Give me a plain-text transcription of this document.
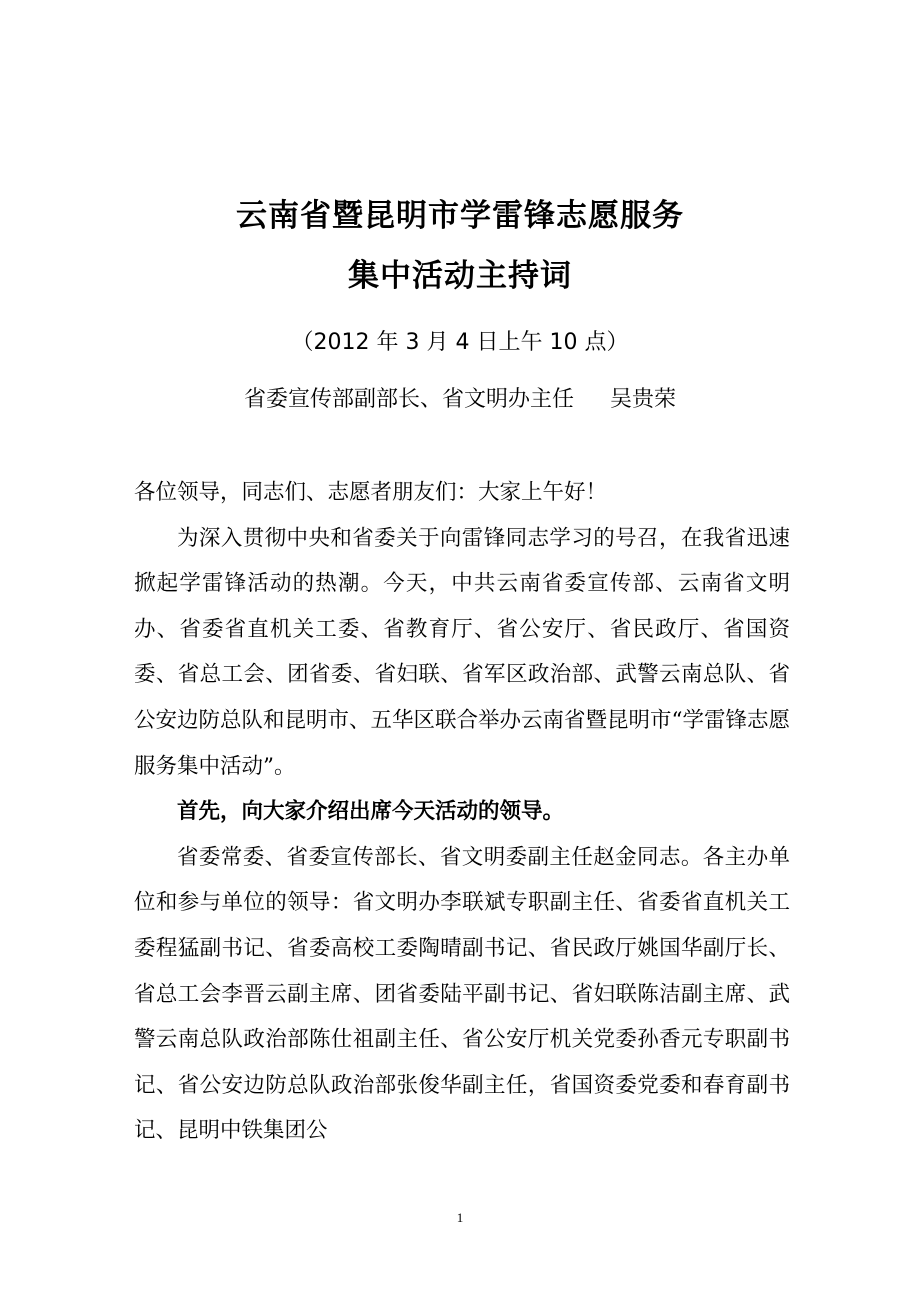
云南省暨昆明市学雷锋志愿服务
集中活动主持词
（2012 年 3 月 4 日上午 10 点）
省委宣传部副部长、省文明办主任 吴贵荣

各位领导，同志们、志愿者朋友们：大家上午好！

为深入贯彻中央和省委关于向雷锋同志学习的号召，在我省迅速掀起学雷锋活动的热潮。今天，中共云南省委宣传部、云南省文明办、省委省直机关工委、省教育厅、省公安厅、省民政厅、省国资委、省总工会、团省委、省妇联、省军区政治部、武警云南总队、省公安边防总队和昆明市、五华区联合举办云南省暨昆明市“学雷锋志愿服务集中活动”。

首先，向大家介绍出席今天活动的领导。

省委常委、省委宣传部长、省文明委副主任赵金同志。各主办单位和参与单位的领导：省文明办李联斌专职副主任、省委省直机关工委程猛副书记、省委高校工委陶晴副书记、省民政厅姚国华副厅长、省总工会李晋云副主席、团省委陆平副书记、省妇联陈洁副主席、武警云南总队政治部陈仕祖副主任、省公安厅机关党委孙香元专职副书记、省公安边防总队政治部张俊华副主任，省国资委党委和春育副书记、昆明中铁集团公

1
